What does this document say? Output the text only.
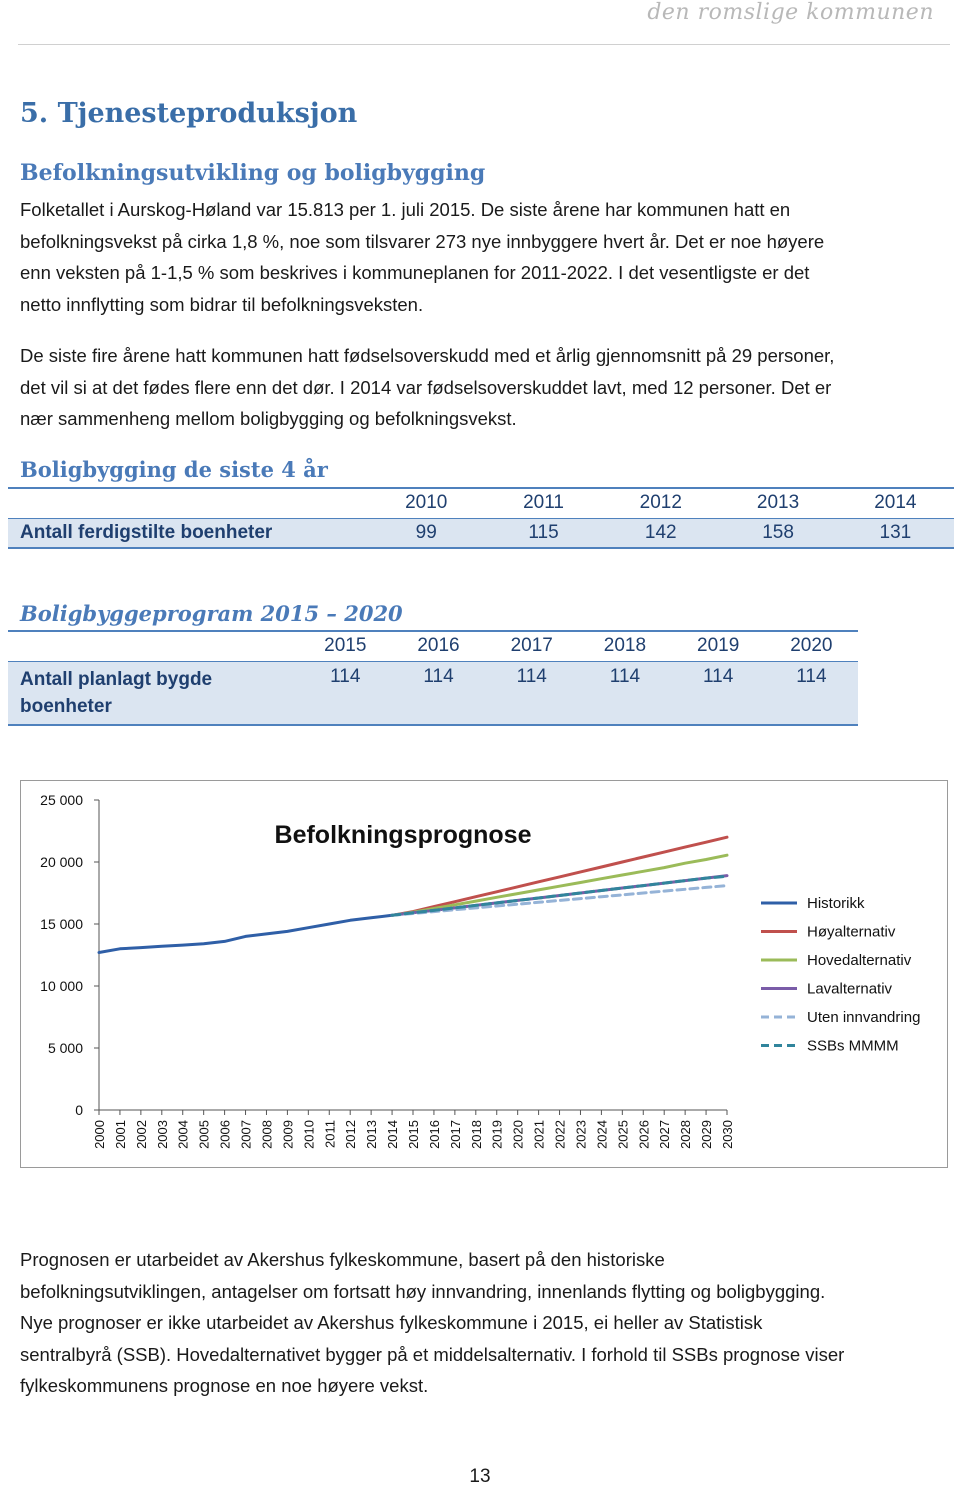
den romslige kommunen
5. Tjenesteproduksjon
Befolkningsutvikling og boligbygging

Folketallet i Aurskog-Høland var 15.813 per 1. juli 2015. De siste årene har kommunen hatt en

befolkningsvekst på cirka 1,8 %, noe som tilsvarer 273 nye innbyggere hvert år. Det er noe høyere

enn veksten på 1-1,5 % som beskrives i kommuneplanen for 2011-2022. I det vesentligste er det

netto innflytting som bidrar til befolkningsveksten.

De siste fire årene hatt kommunen hatt fødselsoverskudd med et årlig gjennomsnitt på 29 personer,

det vil si at det fødes flere enn det dør. I 2014 var fødselsoverskuddet lavt, med 12 personer. Det er

nær sammenheng mellom boligbygging og befolkningsvekst.

Boligbygging de siste 4 år
	2010	2011	2012	2013	2014
Antall ferdigstilte boenheter	99	115	142	158	131
Boligbyggeprogram 2015 – 2020
	2015	2016	2017	2018	2019	2020

Antall planlagt bygde
boenheter	114	114	114	114	114	114
Befolkningsprognose
0
5 000
10 000
15 000
20 000
25 000
2000 2001 2002 2003 2004 2005 2006 2007 2008 2009 2010 2011 2012 2013 2014 2015 2016 2017 2018 2019 2020 2021 2022 2023 2024 2025 2026 2027 2028 2029 2030
Historikk
Høyalternativ
Hovedalternativ
Lavalternativ
Uten innvandring
SSBs MMMM

Prognosen er utarbeidet av Akershus fylkeskommune, basert på den historiske

befolkningsutviklingen, antagelser om fortsatt høy innvandring, innenlands flytting og boligbygging.

Nye prognoser er ikke utarbeidet av Akershus fylkeskommune i 2015, ei heller av Statistisk

sentralbyrå (SSB). Hovedalternativet bygger på et middelsalternativ. I forhold til SSBs prognose viser

fylkeskommunens prognose en noe høyere vekst.

13
